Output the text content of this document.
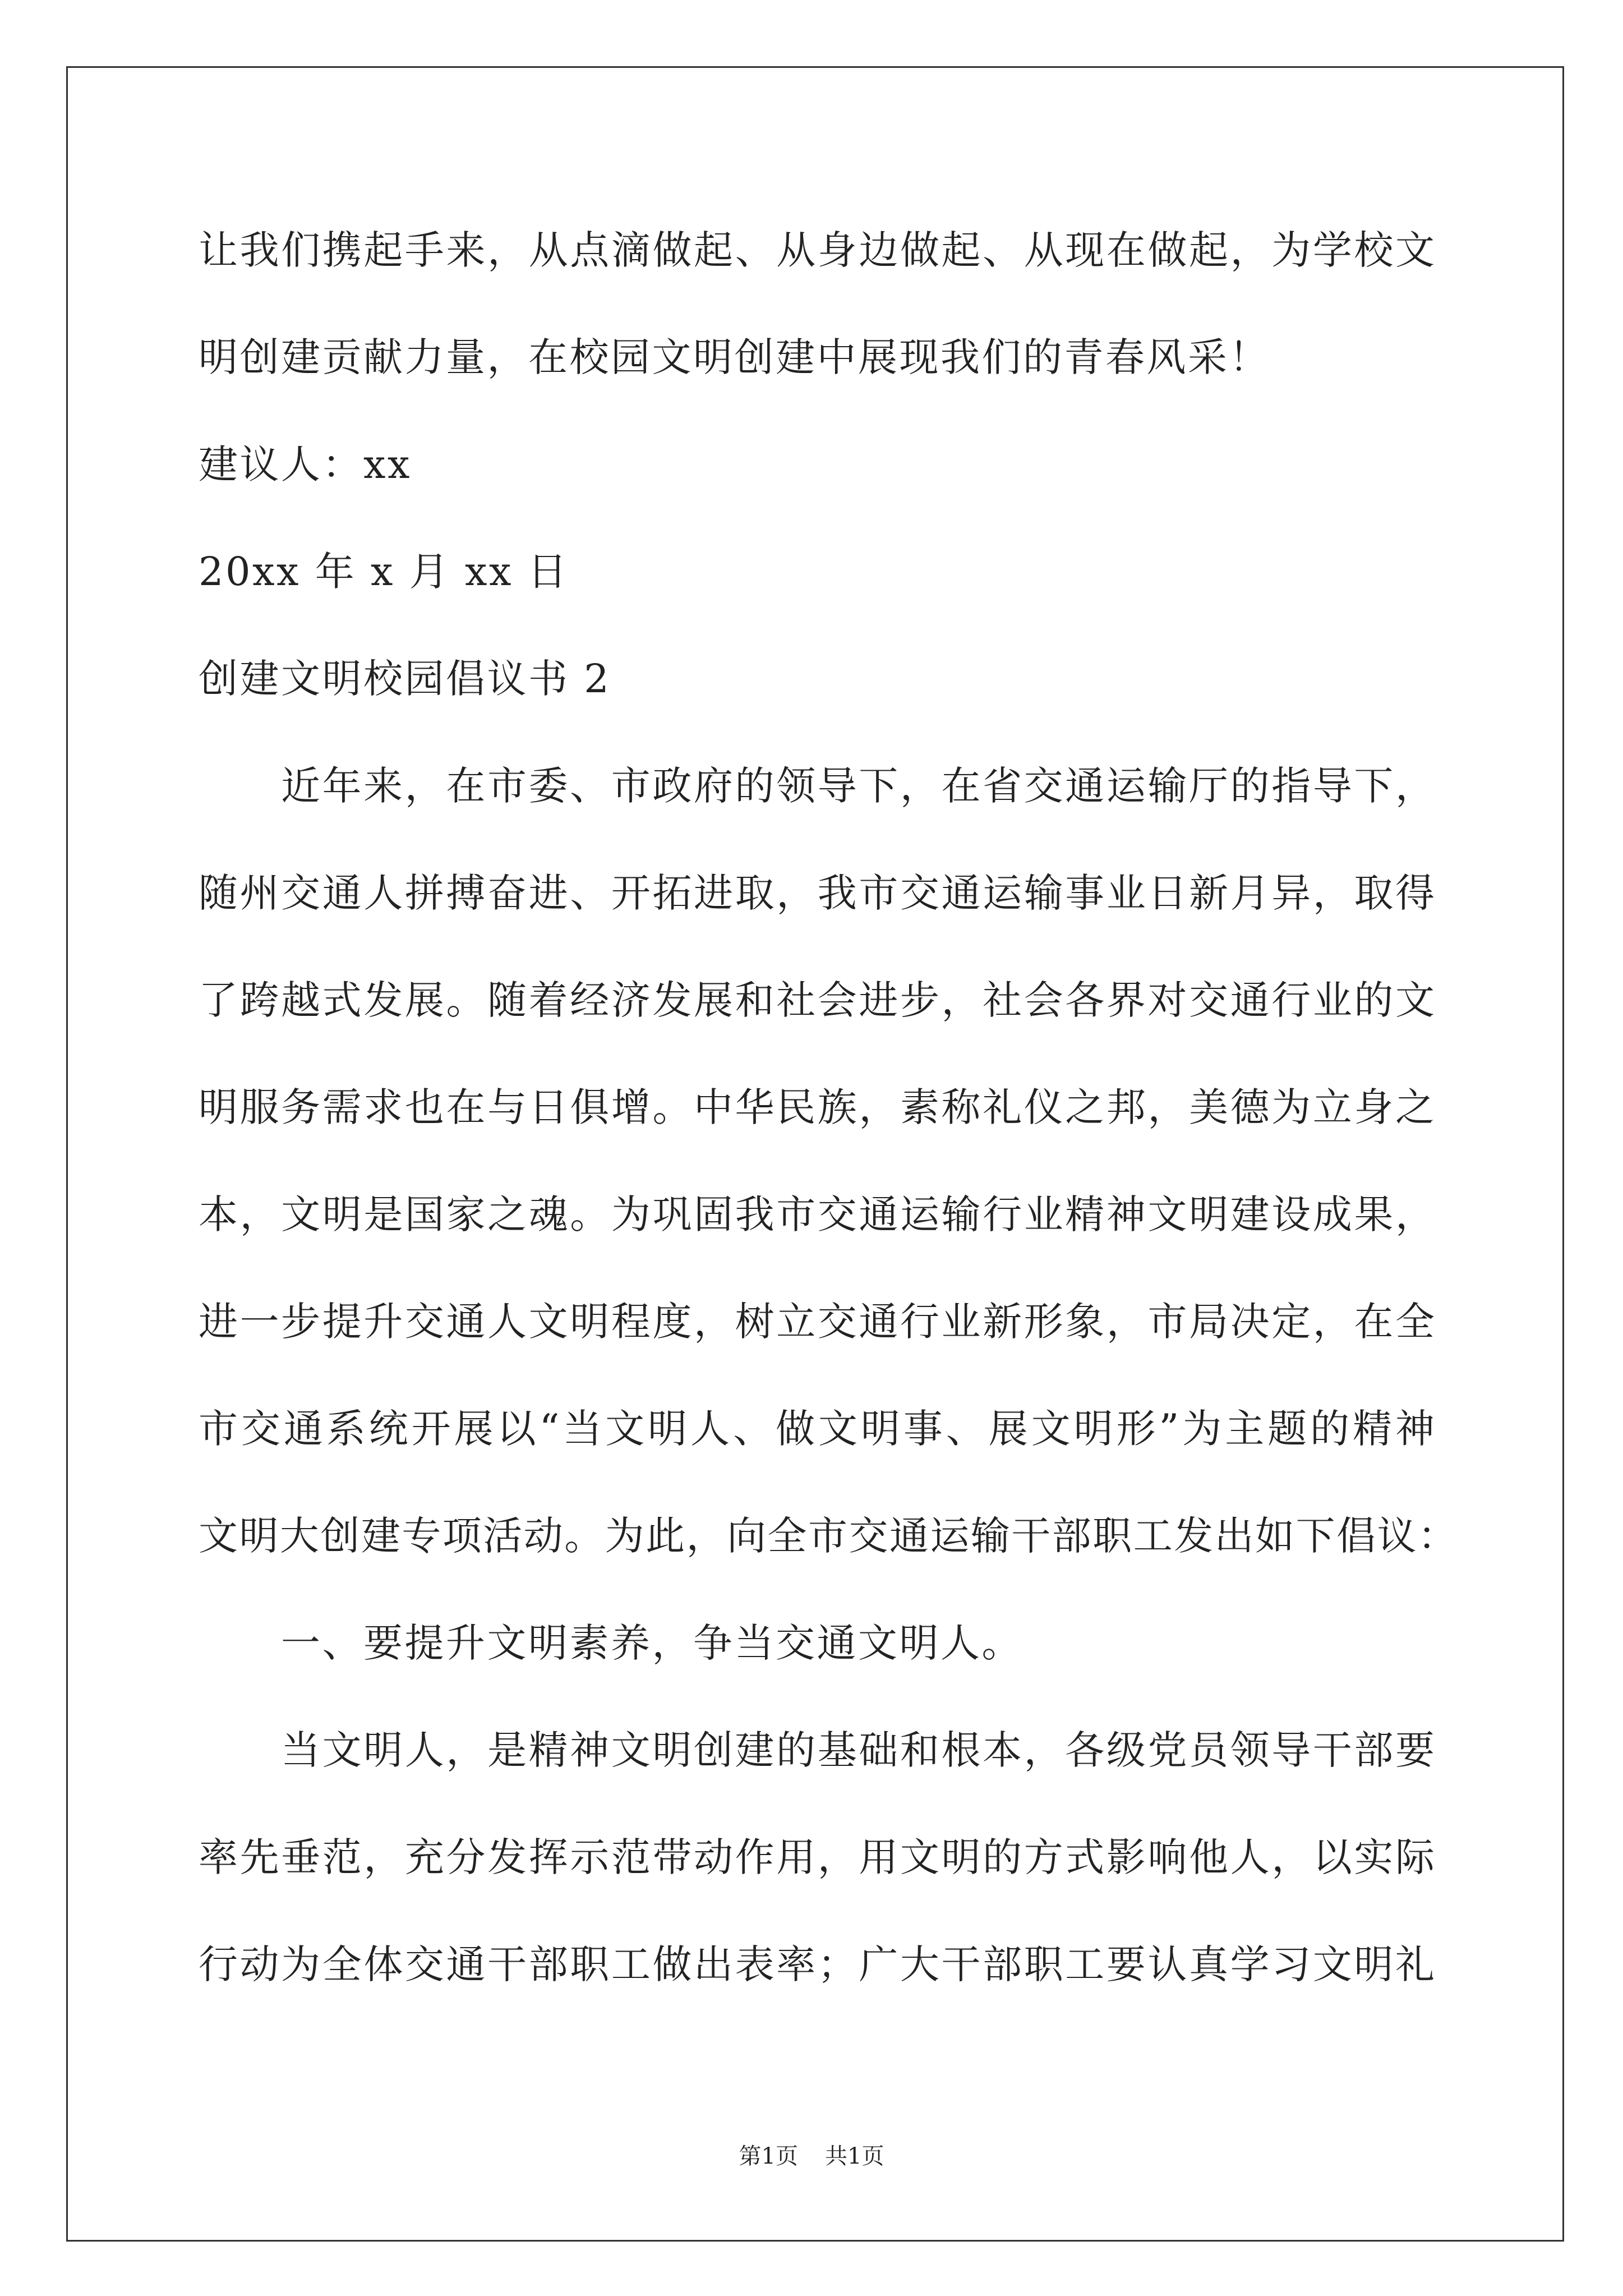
让我们携起手来，从点滴做起、从身边做起、从现在做起，为学校文
明创建贡献力量，在校园文明创建中展现我们的青春风采！
建议人：xx
20xx 年 x 月 xx 日
创建文明校园倡议书 2
近年来，在市委、市政府的领导下，在省交通运输厅的指导下，
随州交通人拼搏奋进、开拓进取，我市交通运输事业日新月异，取得
了跨越式发展。随着经济发展和社会进步，社会各界对交通行业的文
明服务需求也在与日俱增。中华民族，素称礼仪之邦，美德为立身之
本，文明是国家之魂。为巩固我市交通运输行业精神文明建设成果，
进一步提升交通人文明程度，树立交通行业新形象，市局决定，在全
市交通系统开展以“当文明人、做文明事、展文明形”为主题的精神
文明大创建专项活动。为此，向全市交通运输干部职工发出如下倡议：
一、要提升文明素养，争当交通文明人。
当文明人，是精神文明创建的基础和根本，各级党员领导干部要
率先垂范，充分发挥示范带动作用，用文明的方式影响他人，以实际
行动为全体交通干部职工做出表率；广大干部职工要认真学习文明礼
第1页 共1页
